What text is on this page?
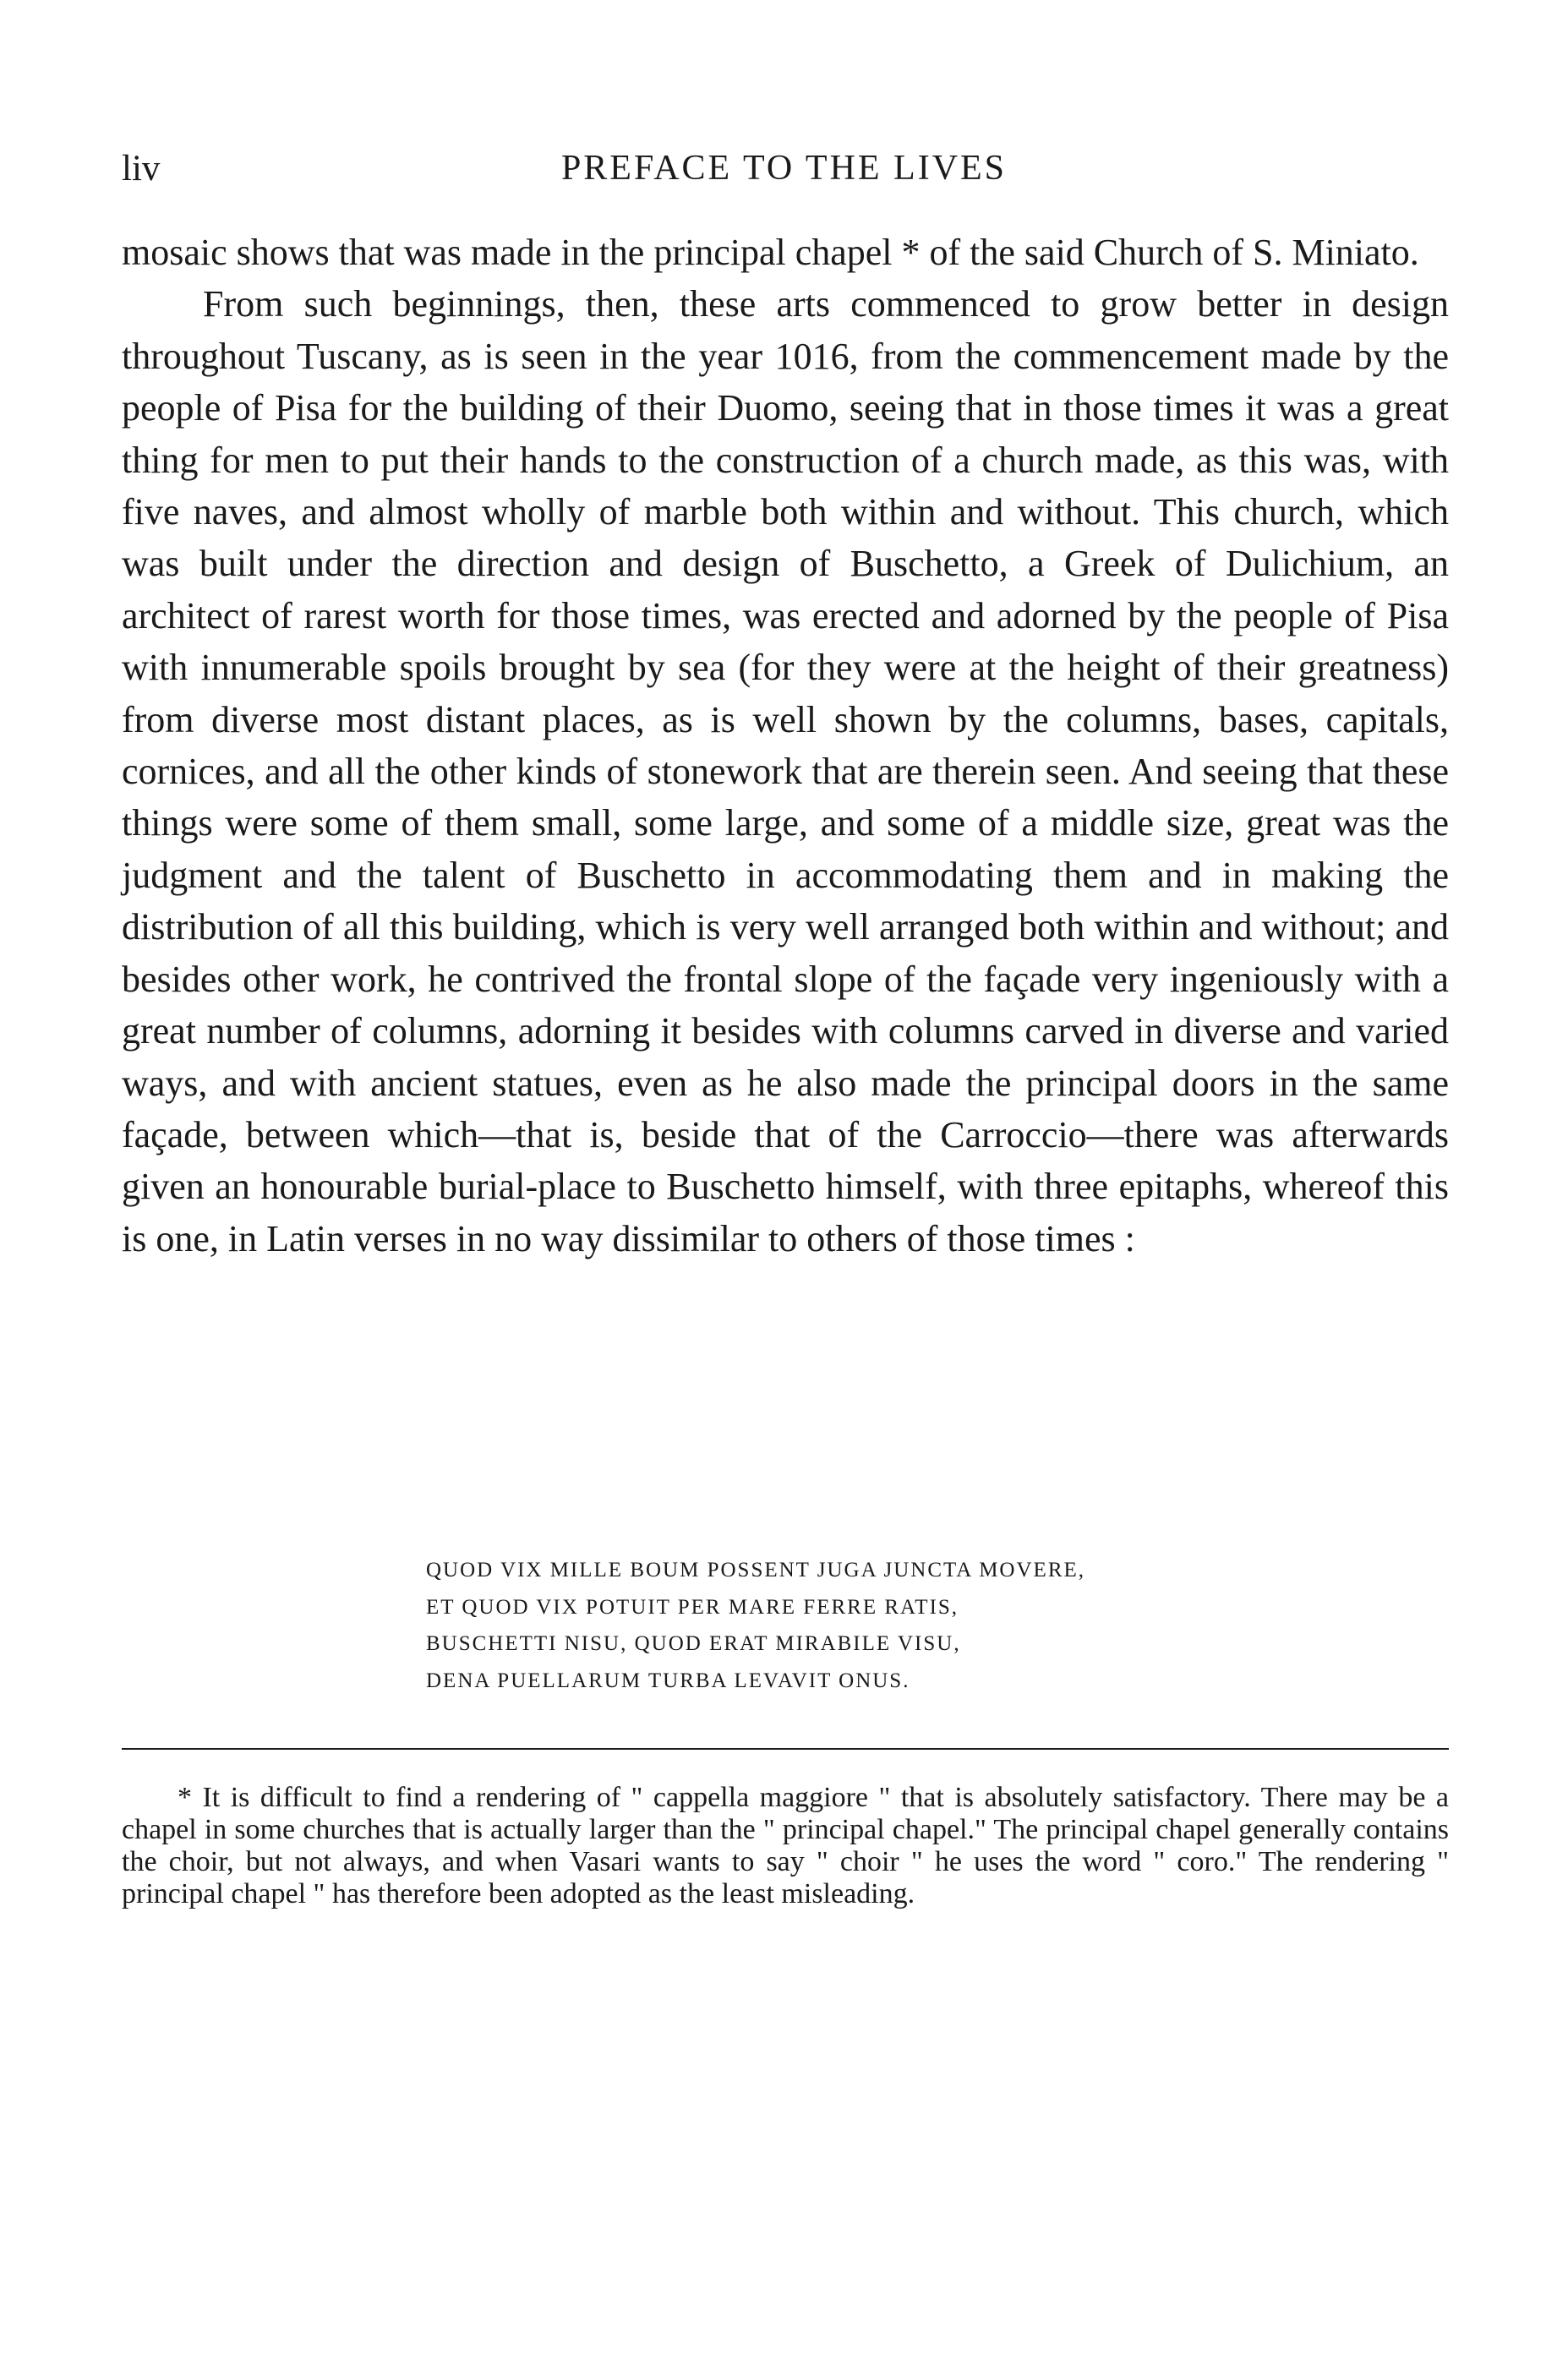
liv	PREFACE TO THE LIVES

mosaic shows that was made in the principal chapel * of the said Church of S. Miniato.

From such beginnings, then, these arts commenced to grow better in design throughout Tuscany, as is seen in the year 1016, from the commencement made by the people of Pisa for the building of their Duomo, seeing that in those times it was a great thing for men to put their hands to the construction of a church made, as this was, with five naves, and almost wholly of marble both within and without. This church, which was built under the direction and design of Buschetto, a Greek of Dulichium, an architect of rarest worth for those times, was erected and adorned by the people of Pisa with innumerable spoils brought by sea (for they were at the height of their greatness) from diverse most distant places, as is well shown by the columns, bases, capitals, cornices, and all the other kinds of stonework that are therein seen. And seeing that these things were some of them small, some large, and some of a middle size, great was the judgment and the talent of Buschetto in accommodating them and in making the distribution of all this building, which is very well arranged both within and without; and besides other work, he contrived the frontal slope of the façade very ingeniously with a great number of columns, adorning it besides with columns carved in diverse and varied ways, and with ancient statues, even as he also made the principal doors in the same façade, between which—that is, beside that of the Carroccio—there was afterwards given an honourable burial-place to Buschetto himself, with three epitaphs, whereof this is one, in Latin verses in no way dissimilar to others of those times :

QUOD VIX MILLE BOUM POSSENT JUGA JUNCTA MOVERE,
ET QUOD VIX POTUIT PER MARE FERRE RATIS,
BUSCHETTI NISU, QUOD ERAT MIRABILE VISU,
DENA PUELLARUM TURBA LEVAVIT ONUS.

* It is difficult to find a rendering of " cappella maggiore " that is absolutely satisfactory. There may be a chapel in some churches that is actually larger than the " principal chapel." The principal chapel generally contains the choir, but not always, and when Vasari wants to say " choir " he uses the word " coro." The rendering " principal chapel " has therefore been adopted as the least misleading.
